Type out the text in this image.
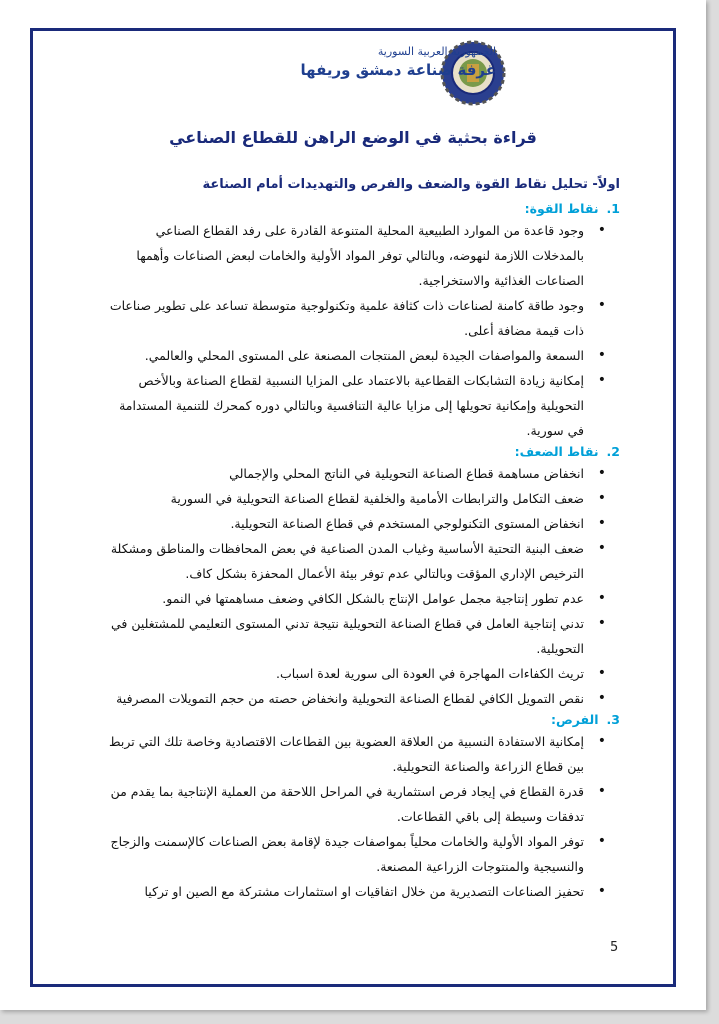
الجمهورية العربية السورية
غرفة صناعة دمشق وريفها
قراءة بحثية في الوضع الراهن للقطاع الصناعي
اولاً- تحليل نقاط القوة والضعف والفرص والتهديدات أمام الصناعة
1.نقاط القوة:
• وجود قاعدة من الموارد الطبيعية المحلية المتنوعة القادرة على رفد القطاع الصناعي بالمدخلات اللازمة لنهوضه، وبالتالي توفر المواد الأولية والخامات لبعض الصناعات وأهمها الصناعات الغذائية والاستخراجية.
• وجود طاقة كامنة لصناعات ذات كثافة علمية وتكنولوجية متوسطة تساعد على تطوير صناعات ذات قيمة مضافة أعلى.
• السمعة والمواصفات الجيدة لبعض المنتجات المصنعة على المستوى المحلي والعالمي.
• إمكانية زيادة التشابكات القطاعية بالاعتماد على المزايا النسبية لقطاع الصناعة وبالأخص التحويلية وإمكانية تحويلها إلى مزايا عالية التنافسية وبالتالي دوره كمحرك للتنمية المستدامة في سورية.
2.نقاط الضعف:
• انخفاض مساهمة قطاع الصناعة التحويلية في الناتج المحلي والإجمالي
• ضعف التكامل والترابطات الأمامية والخلفية لقطاع الصناعة التحويلية في السورية
• انخفاض المستوى التكنولوجي المستخدم في قطاع الصناعة التحويلية.
• ضعف البنية التحتية الأساسية وغياب المدن الصناعية في بعض المحافظات والمناطق ومشكلة الترخيص الإداري المؤقت وبالتالي عدم توفر بيئة الأعمال المحفزة بشكل كاف.
• عدم تطور إنتاجية مجمل عوامل الإنتاج بالشكل الكافي وضعف مساهمتها في النمو.
• تدني إنتاجية العامل في قطاع الصناعة التحويلية نتيجة تدني المستوى التعليمي للمشتغلين في التحويلية.
• تريث الكفاءات المهاجرة في العودة الى سورية لعدة اسباب.
• نقص التمويل الكافي لقطاع الصناعة التحويلية وانخفاض حصته من حجم التمويلات المصرفية
3.الفرص:
• إمكانية الاستفادة النسبية من العلاقة العضوية بين القطاعات الاقتصادية وخاصة تلك التي تربط بين قطاع الزراعة والصناعة التحويلية.
• قدرة القطاع في إيجاد فرص استثمارية في المراحل اللاحقة من العملية الإنتاجية بما يقدم من تدفقات وسيطة إلى باقي القطاعات.
• توفر المواد الأولية والخامات محلياً بمواصفات جيدة لإقامة بعض الصناعات كالإسمنت والزجاج والنسيجية والمنتوجات الزراعية المصنعة.
• تحفيز الصناعات التصديرية من خلال اتفاقيات او استثمارات مشتركة مع الصين او تركيا
5
